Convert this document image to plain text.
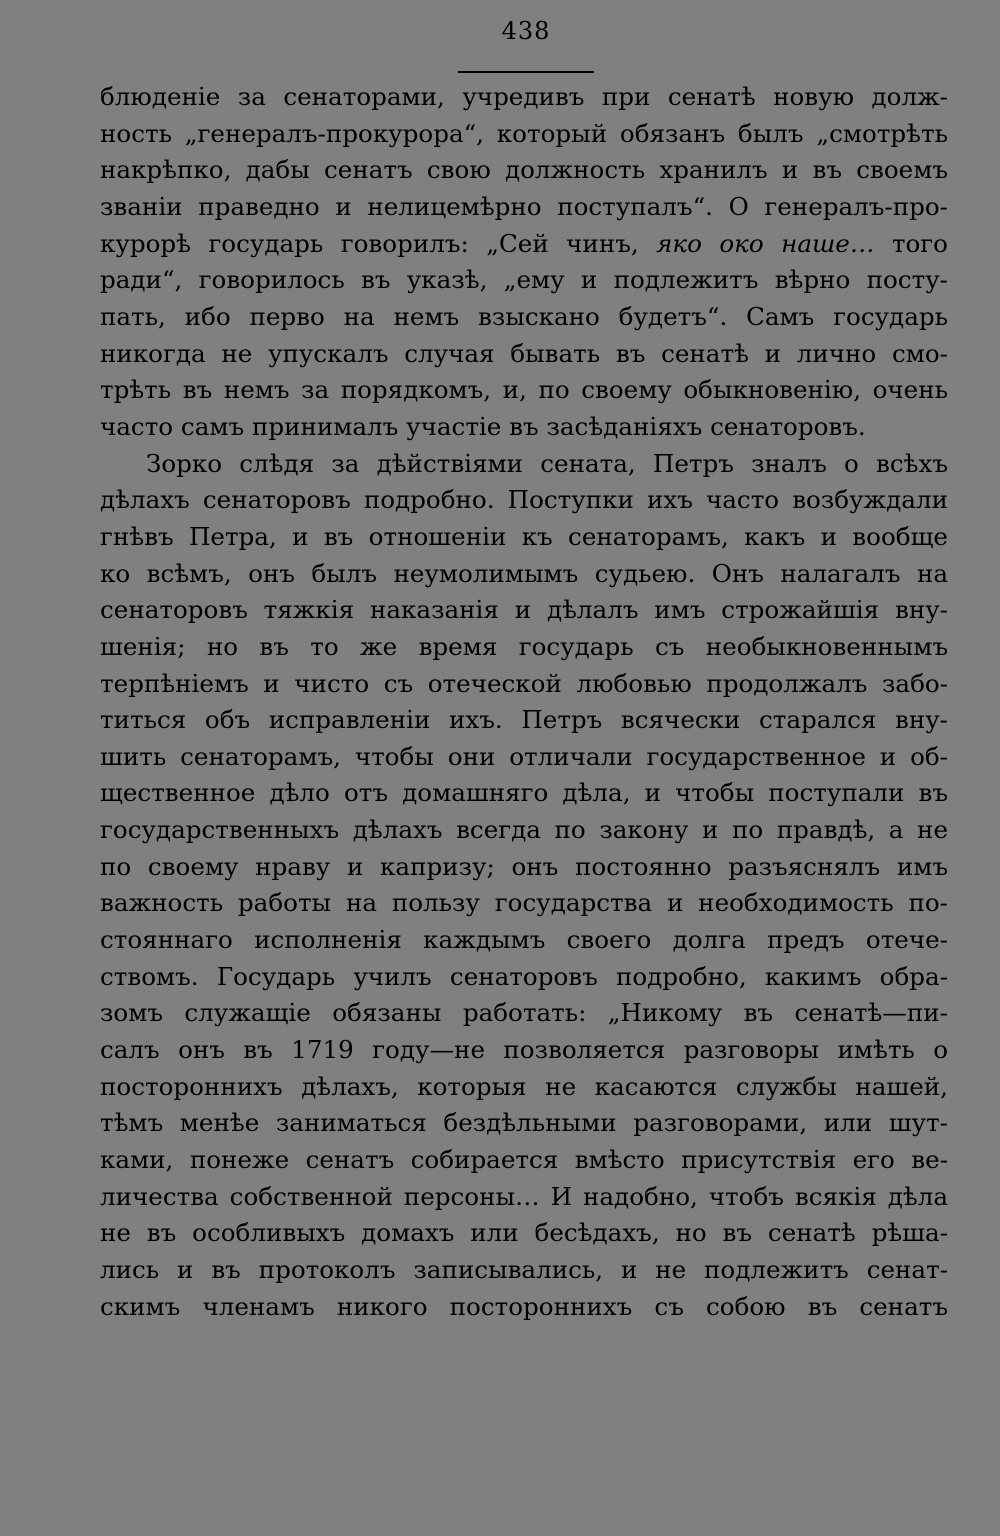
438
блюденіе за сенаторами, учредивъ при сенатѣ новую долж-
ность „генералъ-прокурора“, который обязанъ былъ „смотрѣть
накрѣпко, дабы сенатъ свою должность хранилъ и въ своемъ
званіи праведно и нелицемѣрно поступалъ“. О генералъ-про-
курорѣ государь говорилъ: „Сей чинъ, яко око наше… того
ради“, говорилось въ указѣ, „ему и подлежитъ вѣрно посту-
пать, ибо перво на немъ взыскано будетъ“. Самъ государь
никогда не упускалъ случая бывать въ сенатѣ и лично смо-
трѣть въ немъ за порядкомъ, и, по своему обыкновенію, очень
часто самъ принималъ участіе въ засѣданіяхъ сенаторовъ.
Зорко слѣдя за дѣйствіями сената, Петръ зналъ о всѣхъ
дѣлахъ сенаторовъ подробно. Поступки ихъ часто возбуждали
гнѣвъ Петра, и въ отношеніи къ сенаторамъ, какъ и вообще
ко всѣмъ, онъ былъ неумолимымъ судьею. Онъ налагалъ на
сенаторовъ тяжкія наказанія и дѣлалъ имъ строжайшія вну-
шенія; но въ то же время государь съ необыкновеннымъ
терпѣніемъ и чисто съ отеческой любовью продолжалъ забо-
титься объ исправленіи ихъ. Петръ всячески старался вну-
шить сенаторамъ, чтобы они отличали государственное и об-
щественное дѣло отъ домашняго дѣла, и чтобы поступали въ
государственныхъ дѣлахъ всегда по закону и по правдѣ, а не
по своему нраву и капризу; онъ постоянно разъяснялъ имъ
важность работы на пользу государства и необходимость по-
стояннаго исполненія каждымъ своего долга предъ отече-
ствомъ. Государь училъ сенаторовъ подробно, какимъ обра-
зомъ служащіе обязаны работать: „Никому въ сенатѣ—пи-
салъ онъ въ 1719 году—не позволяется разговоры имѣть о
постороннихъ дѣлахъ, которыя не касаются службы нашей,
тѣмъ менѣе заниматься бездѣльными разговорами, или шут-
ками, понеже сенатъ собирается вмѣсто присутствія его ве-
личества собственной персоны… И надобно, чтобъ всякія дѣла
не въ особливыхъ домахъ или бесѣдахъ, но въ сенатѣ рѣша-
лись и въ протоколъ записывались, и не подлежитъ сенат-
скимъ членамъ никого постороннихъ съ собою въ сенатъ
